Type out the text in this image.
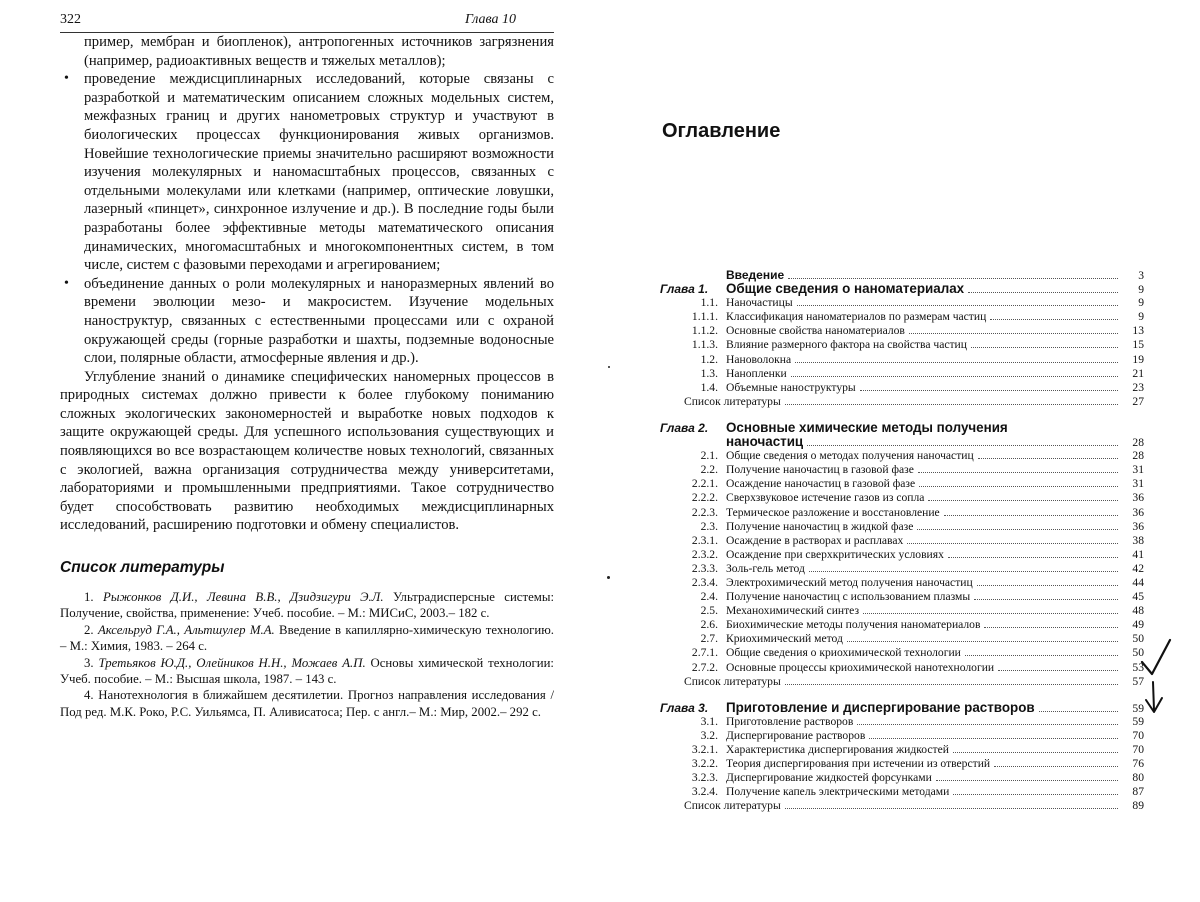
322	Глава 10

пример, мембран и биопленок), антропогенных источников загрязнения (например, радиоактивных веществ и тяжелых металлов);

• проведение междисциплинарных исследований, которые связаны с разработкой и математическим описанием сложных модельных систем, межфазных границ и других нанометровых структур и участвуют в биологических процессах функционирования живых организмов. Новейшие технологические приемы значительно расширяют возможности изучения молекулярных и наномасштабных процессов, связанных с отдельными молекулами или клетками (например, оптические ловушки, лазерный «пинцет», синхронное излучение и др.). В последние годы были разработаны более эффективные методы математического описания динамических, многомасштабных и многокомпонентных систем, в том числе, систем с фазовыми переходами и агрегированием;

• объединение данных о роли молекулярных и наноразмерных явлений во времени эволюции мезо- и макросистем. Изучение модельных наноструктур, связанных с естественными процессами или с охраной окружающей среды (горные разработки и шахты, подземные водоносные слои, полярные области, атмосферные явления и др.).

Углубление знаний о динамике специфических наномерных процессов в природных системах должно привести к более глубокому пониманию сложных экологических закономерностей и выработке новых подходов к защите окружающей среды. Для успешного использования существующих и появляющихся во все возрастающем количестве новых технологий, связанных с экологией, важна организация сотрудничества между университетами, лабораториями и промышленными предприятиями. Такое сотрудничество будет способствовать развитию необходимых междисциплинарных исследований, расширению подготовки и обмену специалистов.

Список литературы

1. Рыжонков Д.И., Левина В.В., Дзидзигури Э.Л. Ультрадисперсные системы: Получение, свойства, применение: Учеб. пособие. – М.: МИСиС, 2003.– 182 с.

2. Аксельруд Г.А., Альтшулер М.А. Введение в капиллярно-химическую технологию. – М.: Химия, 1983. – 264 с.

3. Третьяков Ю.Д., Олейников Н.Н., Можаев А.П. Основы химической технологии: Учеб. пособие. – М.: Высшая школа, 1987. – 143 с.

4. Нанотехнология в ближайшем десятилетии. Прогноз направления исследования / Под ред. М.К. Роко, Р.С. Уильямса, П. Аливисатоса; Пер. с англ.– М.: Мир, 2002.– 292 с.

Оглавление
Введение	3
Глава 1.	Общие сведения о наноматериалах	9
1.1. Наночастицы	9
1.1.1. Классификация наноматериалов по размерам частиц	9
1.1.2. Основные свойства наноматериалов	13
1.1.3. Влияние размерного фактора на свойства частиц	15
1.2. Нановолокна	19
1.3. Нанопленки	21
1.4. Объемные наноструктуры	23
Список литературы	27
Глава 2.	Основные химические методы получения
наночастиц	28
2.1. Общие сведения о методах получения наночастиц	28
2.2. Получение наночастиц в газовой фазе	31
2.2.1. Осаждение наночастиц в газовой фазе	31
2.2.2. Сверхзвуковое истечение газов из сопла	36
2.2.3. Термическое разложение и восстановление	36
2.3. Получение наночастиц в жидкой фазе	36
2.3.1. Осаждение в растворах и расплавах	38
2.3.2. Осаждение при сверхкритических условиях	41
2.3.3. Золь-гель метод	42
2.3.4. Электрохимический метод получения наночастиц	44
2.4. Получение наночастиц с использованием плазмы	45
2.5. Механохимический синтез	48
2.6. Биохимические методы получения наноматериалов	49
2.7. Криохимический метод	50
2.7.1. Общие сведения о криохимической технологии	50
2.7.2. Основные процессы криохимической нанотехнологии	53
Список литературы	57
Глава 3.	Приготовление и диспергирование растворов	59
3.1. Приготовление растворов	59
3.2. Диспергирование растворов	70
3.2.1. Характеристика диспергирования жидкостей	70
3.2.2. Теория диспергирования при истечении из отверстий	76
3.2.3. Диспергирование жидкостей форсунками	80
3.2.4. Получение капель электрическими методами	87
Список литературы	89
